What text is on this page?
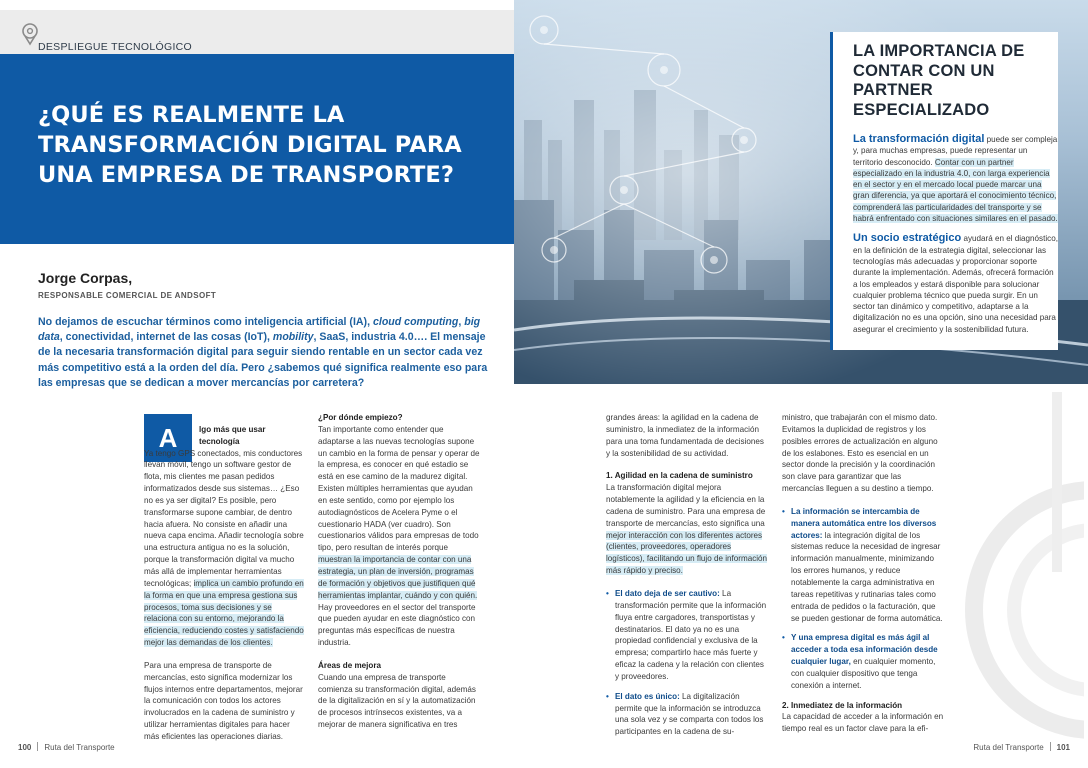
DESPLIEGUE TECNOLÓGICO
¿QUÉ ES REALMENTE LA TRANSFORMACIÓN DIGITAL PARA UNA EMPRESA DE TRANSPORTE?
Jorge Corpas,
RESPONSABLE COMERCIAL DE ANDSOFT

No dejamos de escuchar términos como inteligencia artificial (IA), cloud computing, big data, conectividad, internet de las cosas (IoT), mobility, SaaS, industria 4.0…. El mensaje de la necesaria transformación digital para seguir siendo rentable en un sector cada vez más competitivo está a la orden del día. Pero ¿sabemos qué significa realmente eso para las empresas que se dedican a mover mercancías por carretera?

A	lgo más que usar tecnología
Ya tengo GPS conectados, mis conductores llevan móvil, tengo un software gestor de flota, mis clientes me pasan pedidos informatizados desde sus sistemas… ¿Eso no es ya ser digital? Es posible, pero transformarse supone cambiar, de dentro hacia afuera. No consiste en añadir una nueva capa encima. Añadir tecnología sobre una estructura antigua no es la solución, porque la transformación digital va mucho más allá de implementar herramientas tecnológicas; implica un cambio profundo en la forma en que una empresa gestiona sus procesos, toma sus decisiones y se relaciona con su entorno, mejorando la eficiencia, reduciendo costes y satisfaciendo mejor las demandas de los clientes.

Para una empresa de transporte de mercancías, esto significa modernizar los flujos internos entre departamentos, mejorar la comunicación con todos los actores involucrados en la cadena de suministro y utilizar herramientas digitales para hacer más eficientes las operaciones diarias.

¿Por dónde empiezo?
Tan importante como entender que adaptarse a las nuevas tecnologías supone un cambio en la forma de pensar y operar de la empresa, es conocer en qué estadio se está en ese camino de la madurez digital. Existen múltiples herramientas que ayudan en este sentido, como por ejemplo los autodiagnósticos de Acelera Pyme o el cuestionario HADA (ver cuadro). Son cuestionarios válidos para empresas de todo tipo, pero resultan de interés porque muestran la importancia de contar con una estrategia, un plan de inversión, programas de formación y objetivos que justifiquen qué herramientas implantar, cuándo y con quién. Hay proveedores en el sector del transporte que pueden ayudar en este diagnóstico con preguntas más específicas de nuestra industria.

Áreas de mejora
Cuando una empresa de transporte comienza su transformación digital, además de la digitalización en sí y la automatización de procesos intrínsecos existentes, va a mejorar de manera significativa en tres

100 Ruta del Transporte
LA IMPORTANCIA DE CONTAR CON UN PARTNER ESPECIALIZADO

La transformación digital puede ser compleja y, para muchas empresas, puede representar un territorio desconocido. Contar con un partner especializado en la industria 4.0, con larga experiencia en el sector y en el mercado local puede marcar una gran diferencia, ya que aportará el conocimiento técnico, comprenderá las particularidades del transporte y se habrá enfrentado con situaciones similares en el pasado.

Un socio estratégico ayudará en el diagnóstico, en la definición de la estrategia digital, seleccionar las tecnologías más adecuadas y proporcionar soporte durante la implementación. Además, ofrecerá formación a los empleados y estará disponible para solucionar cualquier problema técnico que pueda surgir. En un sector tan dinámico y competitivo, adaptarse a la digitalización no es una opción, sino una necesidad para asegurar el crecimiento y la sostenibilidad futura.

grandes áreas: la agilidad en la cadena de suministro, la inmediatez de la información para una toma fundamentada de decisiones y la sostenibilidad de su actividad.

1. Agilidad en la cadena de suministro
La transformación digital mejora notablemente la agilidad y la eficiencia en la cadena de suministro. Para una empresa de transporte de mercancías, esto significa una mejor interacción con los diferentes actores (clientes, proveedores, operadores logísticos), facilitando un flujo de información más rápido y preciso.

• El dato deja de ser cautivo: La transformación permite que la información fluya entre cargadores, transportistas y destinatarios. El dato ya no es una propiedad confidencial y exclusiva de la empresa; compartirlo hace más fuerte y eficaz la cadena y la relación con clientes y proveedores.
• El dato es único: La digitalización permite que la información se introduzca una sola vez y se comparta con todos los participantes en la cadena de su-

ministro, que trabajarán con el mismo dato. Evitamos la duplicidad de registros y los posibles errores de actualización en alguno de los eslabones. Esto es esencial en un sector donde la precisión y la coordinación son clave para garantizar que las mercancías lleguen a su destino a tiempo.

• La información se intercambia de manera automática entre los diversos actores: la integración digital de los sistemas reduce la necesidad de ingresar información manualmente, minimizando los errores humanos, y reduce notablemente la carga administrativa en tareas repetitivas y rutinarias tales como entrada de pedidos o la facturación, que se pueden gestionar de forma automática.
• Y una empresa digital es más ágil al acceder a toda esa información desde cualquier lugar, en cualquier momento, con cualquier dispositivo que tenga conexión a internet.

2. Inmediatez de la información
La capacidad de acceder a la información en tiempo real es un factor clave para la efi-

Ruta del Transporte 101
